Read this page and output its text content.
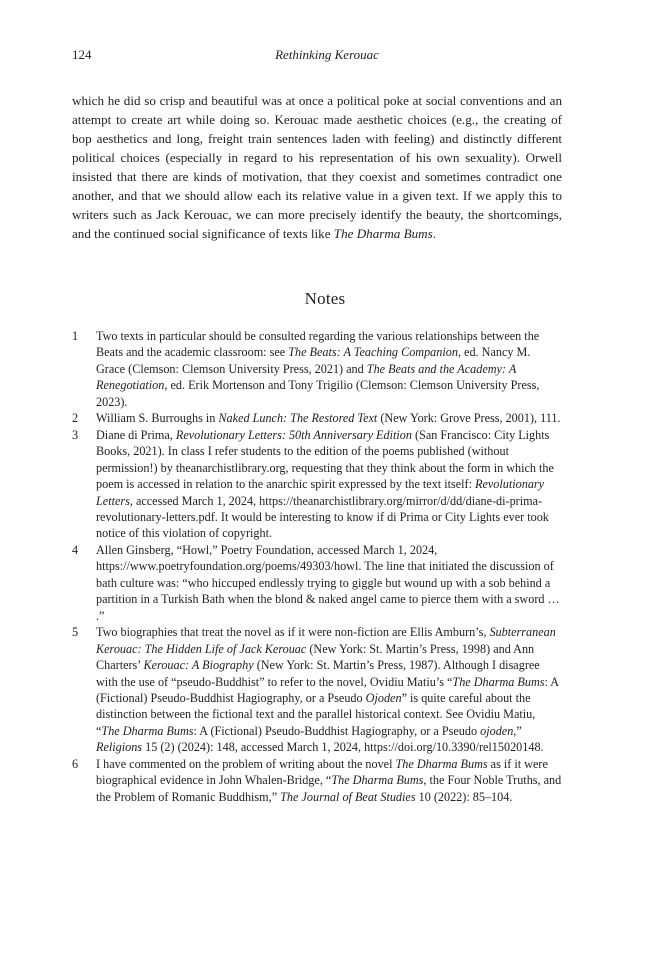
124	Rethinking Kerouac

which he did so crisp and beautiful was at once a political poke at social conventions and an attempt to create art while doing so. Kerouac made aesthetic choices (e.g., the creating of bop aesthetics and long, freight train sentences laden with feeling) and distinctly different political choices (especially in regard to his representation of his own sexuality). Orwell insisted that there are kinds of motivation, that they coexist and sometimes contradict one another, and that we should allow each its relative value in a given text. If we apply this to writers such as Jack Kerouac, we can more precisely identify the beauty, the shortcomings, and the continued social significance of texts like The Dharma Bums.

Notes
1	Two texts in particular should be consulted regarding the various relationships between the Beats and the academic classroom: see The Beats: A Teaching Companion, ed. Nancy M. Grace (Clemson: Clemson University Press, 2021) and The Beats and the Academy: A Renegotiation, ed. Erik Mortenson and Tony Trigilio (Clemson: Clemson University Press, 2023).
2	William S. Burroughs in Naked Lunch: The Restored Text (New York: Grove Press, 2001), 111.
3	Diane di Prima, Revolutionary Letters: 50th Anniversary Edition (San Francisco: City Lights Books, 2021). In class I refer students to the edition of the poems published (without permission!) by theanarchistlibrary.org, requesting that they think about the form in which the poem is accessed in relation to the anarchic spirit expressed by the text itself: Revolutionary Letters, accessed March 1, 2024, https://theanarchistlibrary.org/mirror/d/dd/diane-di-prima-revolutionary-letters.pdf. It would be interesting to know if di Prima or City Lights ever took notice of this violation of copyright.
4	Allen Ginsberg, “Howl,” Poetry Foundation, accessed March 1, 2024, https://www.poetryfoundation.org/poems/49303/howl. The line that initiated the discussion of bath culture was: “who hiccuped endlessly trying to giggle but wound up with a sob behind a partition in a Turkish Bath when the blond & naked angel came to pierce them with a sword … .”
5	Two biographies that treat the novel as if it were non-fiction are Ellis Amburn’s, Subterranean Kerouac: The Hidden Life of Jack Kerouac (New York: St. Martin’s Press, 1998) and Ann Charters’ Kerouac: A Biography (New York: St. Martin’s Press, 1987). Although I disagree with the use of “pseudo-Buddhist” to refer to the novel, Ovidiu Matiu’s “The Dharma Bums: A (Fictional) Pseudo-Buddhist Hagiography, or a Pseudo Ojoden” is quite careful about the distinction between the fictional text and the parallel historical context. See Ovidiu Matiu, “The Dharma Bums: A (Fictional) Pseudo-Buddhist Hagiography, or a Pseudo ojoden,” Religions 15 (2) (2024): 148, accessed March 1, 2024, https://doi.org/10.3390/rel15020148.
6	I have commented on the problem of writing about the novel The Dharma Bums as if it were biographical evidence in John Whalen-Bridge, “The Dharma Bums, the Four Noble Truths, and the Problem of Romanic Buddhism,” The Journal of Beat Studies 10 (2022): 85–104.
